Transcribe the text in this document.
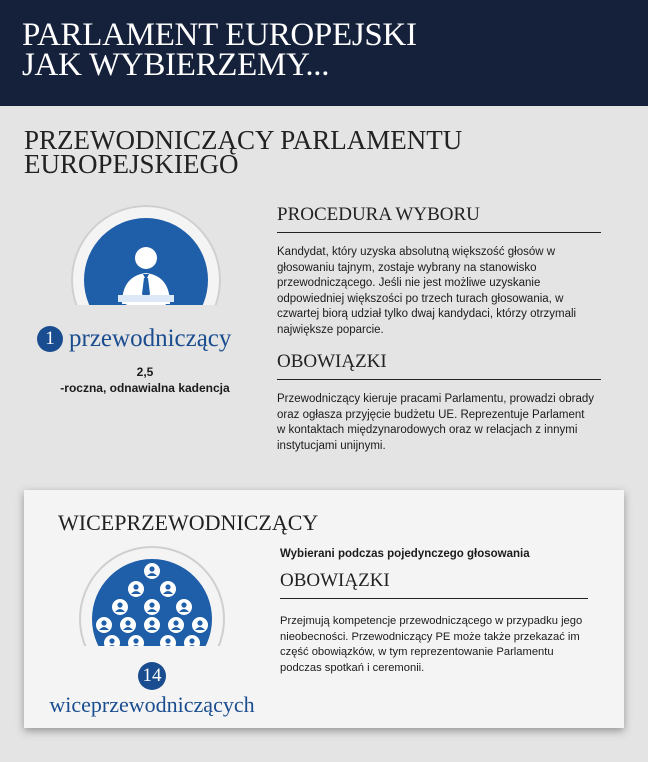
PARLAMENT EUROPEJSKI
JAK WYBIERZEMY...
PRZEWODNICZĄCY PARLAMENTU
EUROPEJSKIEGO
1 przewodniczący
2,5
-roczna, odnawialna kadencja
PROCEDURA WYBORU

Kandydat, który uzyska absolutną większość głosów w głosowaniu tajnym, zostaje wybrany na stanowisko przewodniczącego. Jeśli nie jest możliwe uzyskanie odpowiedniej większości po trzech turach głosowania, w czwartej biorą udział tylko dwaj kandydaci, którzy otrzymali największe poparcie.

OBOWIĄZKI

Przewodniczący kieruje pracami Parlamentu, prowadzi obrady oraz ogłasza przyjęcie budżetu UE. Reprezentuje Parlament w kontaktach międzynarodowych oraz w relacjach z innymi instytucjami unijnymi.

WICEPRZEWODNICZĄCY
14
wiceprzewodniczących

Wybierani podczas pojedynczego głosowania

OBOWIĄZKI

Przejmują kompetencje przewodniczącego w przypadku jego nieobecności. Przewodniczący PE może także przekazać im część obowiązków, w tym reprezentowanie Parlamentu podczas spotkań i ceremonii.
